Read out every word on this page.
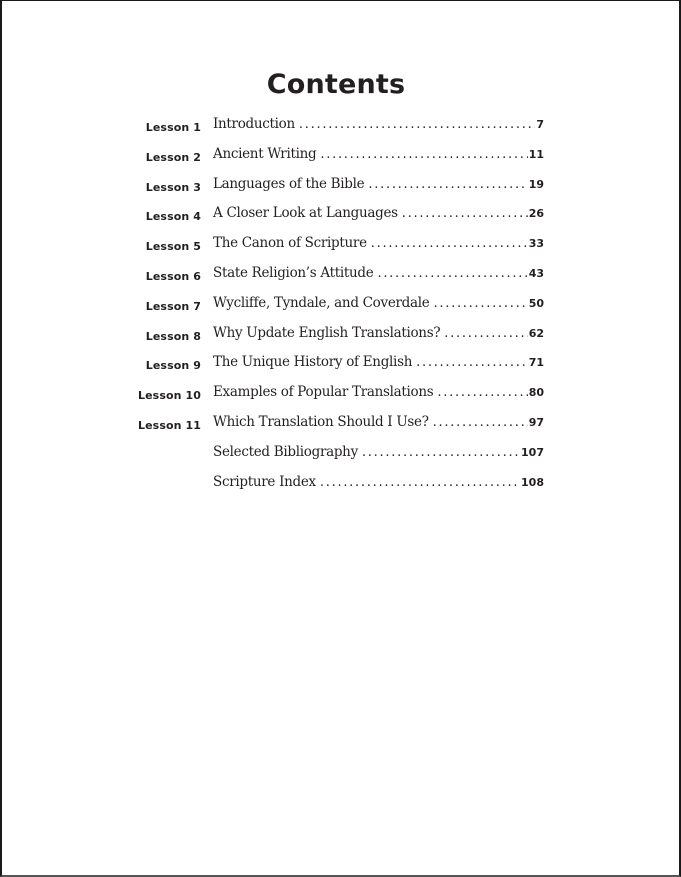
Contents
Lesson 1 Introduction . . .	7
Lesson 2 Ancient Writing . . .	11
Lesson 3 Languages of the Bible . . .	19
Lesson 4 A Closer Look at Languages . . .	26
Lesson 5 The Canon of Scripture . . .	33
Lesson 6 State Religion’s Attitude . . .	43
Lesson 7 Wycliffe, Tyndale, and Coverdale . . .	50
Lesson 8 Why Update English Translations? . . .	62
Lesson 9 The Unique History of English . . .	71
Lesson 10 Examples of Popular Translations . . .	80
Lesson 11 Which Translation Should I Use? . . .	97
Selected Bibliography . . .	107
Scripture Index . . .	108
